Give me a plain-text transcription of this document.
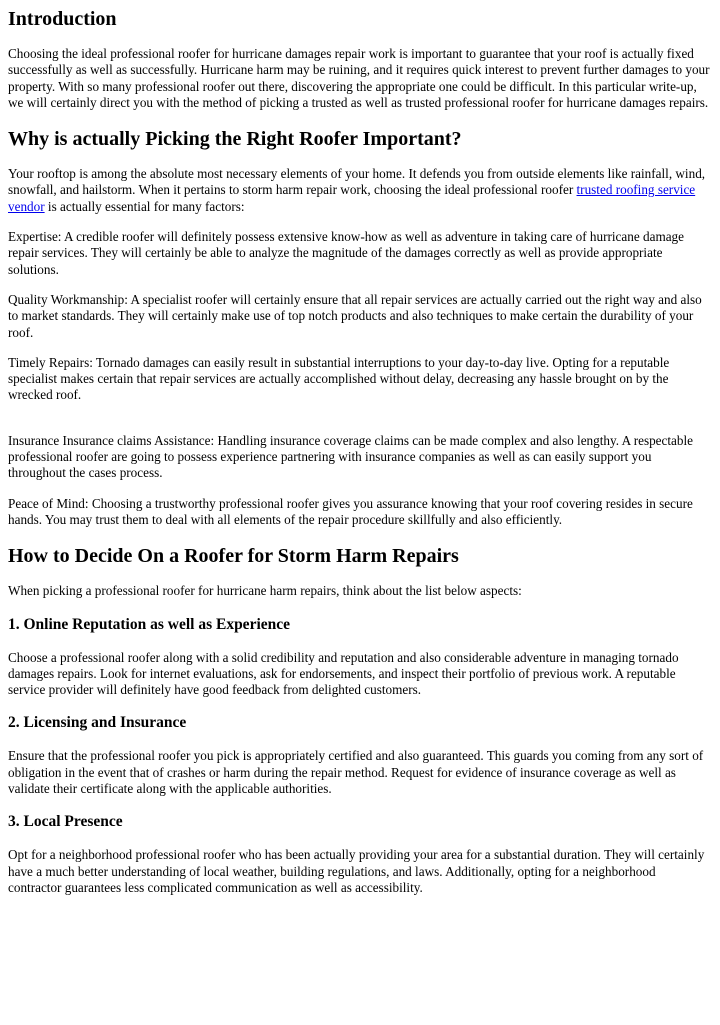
Introduction

Choosing the ideal professional roofer for hurricane damages repair work is important to guarantee that your roof is actually fixed successfully as well as successfully. Hurricane harm may be ruining, and it requires quick interest to prevent further damages to your property. With so many professional roofer out there, discovering the appropriate one could be difficult. In this particular write-up, we will certainly direct you with the method of picking a trusted as well as trusted professional roofer for hurricane damages repairs.

Why is actually Picking the Right Roofer Important?

Your rooftop is among the absolute most necessary elements of your home. It defends you from outside elements like rainfall, wind, snowfall, and hailstorm. When it pertains to storm harm repair work, choosing the ideal professional roofer trusted roofing service vendor is actually essential for many factors:

Expertise: A credible roofer will definitely possess extensive know-how as well as adventure in taking care of hurricane damage repair services. They will certainly be able to analyze the magnitude of the damages correctly as well as provide appropriate solutions.

Quality Workmanship: A specialist roofer will certainly ensure that all repair services are actually carried out the right way and also to market standards. They will certainly make use of top notch products and also techniques to make certain the durability of your roof.

Timely Repairs: Tornado damages can easily result in substantial interruptions to your day-to-day live. Opting for a reputable specialist makes certain that repair services are actually accomplished without delay, decreasing any hassle brought on by the wrecked roof.

Insurance Insurance claims Assistance: Handling insurance coverage claims can be made complex and also lengthy. A respectable professional roofer are going to possess experience partnering with insurance companies as well as can easily support you throughout the cases process.

Peace of Mind: Choosing a trustworthy professional roofer gives you assurance knowing that your roof covering resides in secure hands. You may trust them to deal with all elements of the repair procedure skillfully and also efficiently.

How to Decide On a Roofer for Storm Harm Repairs

When picking a professional roofer for hurricane harm repairs, think about the list below aspects:

1. Online Reputation as well as Experience

Choose a professional roofer along with a solid credibility and reputation and also considerable adventure in managing tornado damages repairs. Look for internet evaluations, ask for endorsements, and inspect their portfolio of previous work. A reputable service provider will definitely have good feedback from delighted customers.

2. Licensing and Insurance

Ensure that the professional roofer you pick is appropriately certified and also guaranteed. This guards you coming from any sort of obligation in the event that of crashes or harm during the repair method. Request for evidence of insurance coverage as well as validate their certificate along with the applicable authorities.

3. Local Presence

Opt for a neighborhood professional roofer who has been actually providing your area for a substantial duration. They will certainly have a much better understanding of local weather, building regulations, and laws. Additionally, opting for a neighborhood contractor guarantees less complicated communication as well as accessibility.
